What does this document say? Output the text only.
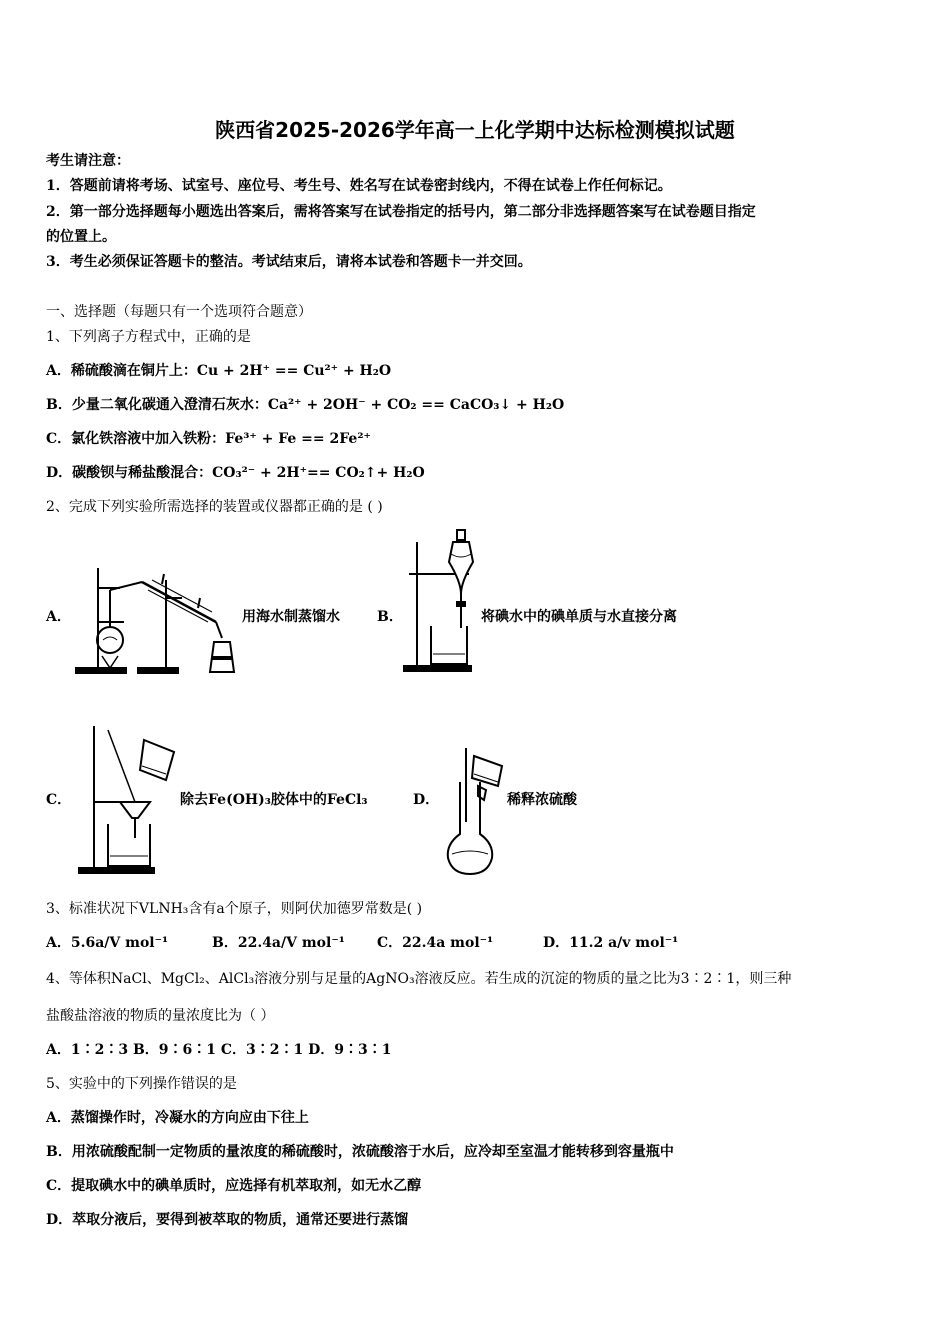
陕西省2025-2026学年高一上化学期中达标检测模拟试题
考生请注意：
1．答题前请将考场、试室号、座位号、考生号、姓名写在试卷密封线内，不得在试卷上作任何标记。
2．第一部分选择题每小题选出答案后，需将答案写在试卷指定的括号内，第二部分非选择题答案写在试卷题目指定
的位置上。
3．考生必须保证答题卡的整洁。考试结束后，请将本试卷和答题卡一并交回。
一、选择题（每题只有一个选项符合题意）
1、下列离子方程式中，正确的是
A．稀硫酸滴在铜片上：Cu + 2H⁺ == Cu²⁺ + H₂O
B．少量二氧化碳通入澄清石灰水：Ca²⁺ + 2OH⁻ + CO₂ == CaCO₃↓ + H₂O
C．氯化铁溶液中加入铁粉：Fe³⁺ + Fe == 2Fe²⁺
D．碳酸钡与稀盐酸混合：CO₃²⁻ + 2H⁺== CO₂↑+ H₂O
2、完成下列实验所需选择的装置或仪器都正确的是 ( )
A．	用海水制蒸馏水	B．	将碘水中的碘单质与水直接分离
C．	除去Fe(OH)₃胶体中的FeCl₃	D．	稀释浓硫酸
3、标准状况下VLNH₃含有a个原子，则阿伏加德罗常数是( )
A．5.6a/V mol⁻¹	B．22.4a/V mol⁻¹ C．22.4a mol⁻¹	D．11.2 a/v mol⁻¹
4、等体积NaCl、MgCl₂、AlCl₃溶液分别与足量的AgNO₃溶液反应。若生成的沉淀的物质的量之比为3∶2∶1，则三种
盐酸盐溶液的物质的量浓度比为（ ）
A．1∶2∶3 B．9∶6∶1 C．3∶2∶1 D．9∶3∶1
5、实验中的下列操作错误的是
A．蒸馏操作时，冷凝水的方向应由下往上
B．用浓硫酸配制一定物质的量浓度的稀硫酸时，浓硫酸溶于水后，应冷却至室温才能转移到容量瓶中
C．提取碘水中的碘单质时，应选择有机萃取剂，如无水乙醇
D．萃取分液后，要得到被萃取的物质，通常还要进行蒸馏
